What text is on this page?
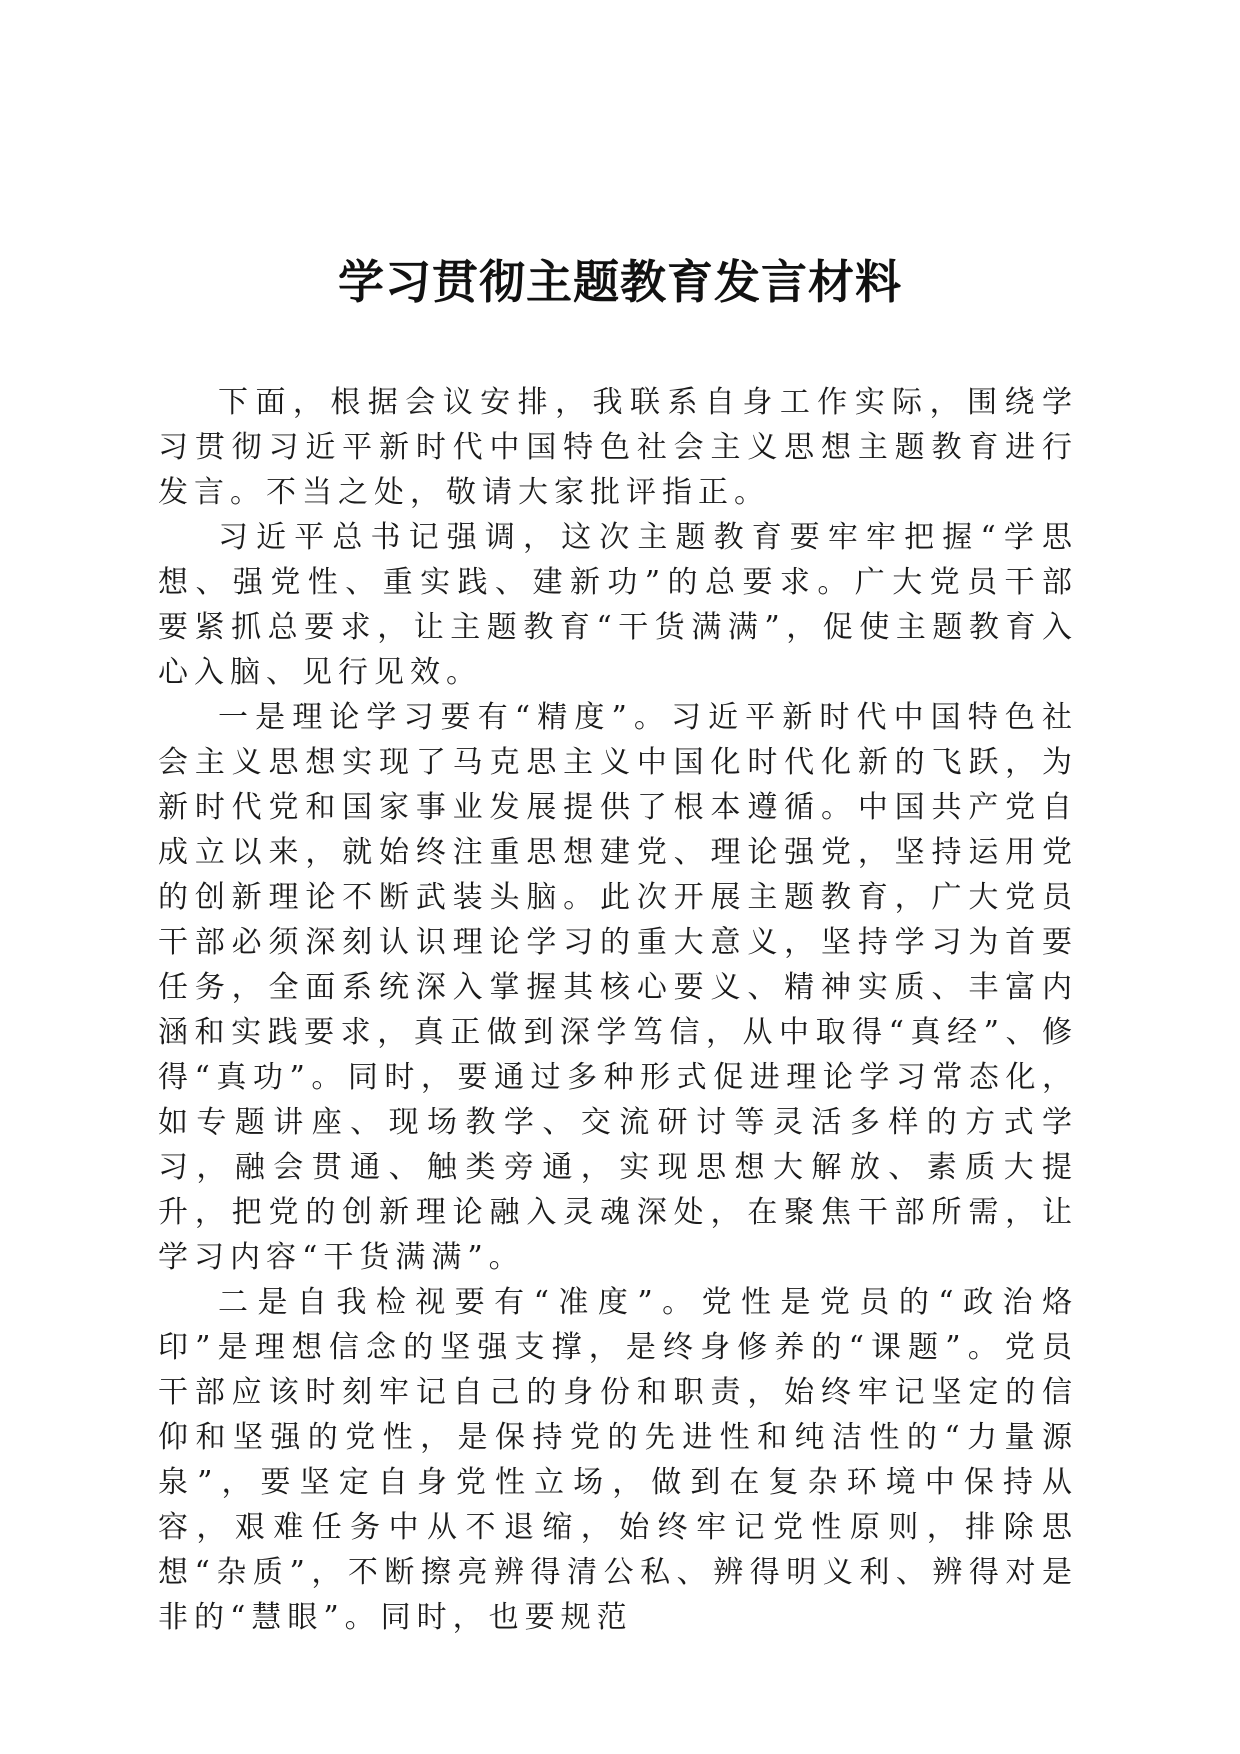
学习贯彻主题教育发言材料

下面，根据会议安排，我联系自身工作实际，围绕学习贯彻习近平新时代中国特色社会主义思想主题教育进行发言。不当之处，敬请大家批评指正。

习近平总书记强调，这次主题教育要牢牢把握“学思想、强党性、重实践、建新功”的总要求。广大党员干部要紧抓总要求，让主题教育“干货满满”，促使主题教育入心入脑、见行见效。

一是理论学习要有“精度”。习近平新时代中国特色社会主义思想实现了马克思主义中国化时代化新的飞跃，为新时代党和国家事业发展提供了根本遵循。中国共产党自成立以来，就始终注重思想建党、理论强党，坚持运用党的创新理论不断武装头脑。此次开展主题教育，广大党员干部必须深刻认识理论学习的重大意义，坚持学习为首要任务，全面系统深入掌握其核心要义、精神实质、丰富内涵和实践要求，真正做到深学笃信，从中取得“真经”、修得“真功”。同时，要通过多种形式促进理论学习常态化，如专题讲座、现场教学、交流研讨等灵活多样的方式学习，融会贯通、触类旁通，实现思想大解放、素质大提升，把党的创新理论融入灵魂深处，在聚焦干部所需，让学习内容“干货满满”。

二是自我检视要有“准度”。党性是党员的“政治烙印”是理想信念的坚强支撑，是终身修养的“课题”。党员干部应该时刻牢记自己的身份和职责，始终牢记坚定的信仰和坚强的党性，是保持党的先进性和纯洁性的“力量源泉”，要坚定自身党性立场，做到在复杂环境中保持从容，艰难任务中从不退缩，始终牢记党性原则，排除思想“杂质”，不断擦亮辨得清公私、辨得明义利、辨得对是非的“慧眼”。同时，也要规范
